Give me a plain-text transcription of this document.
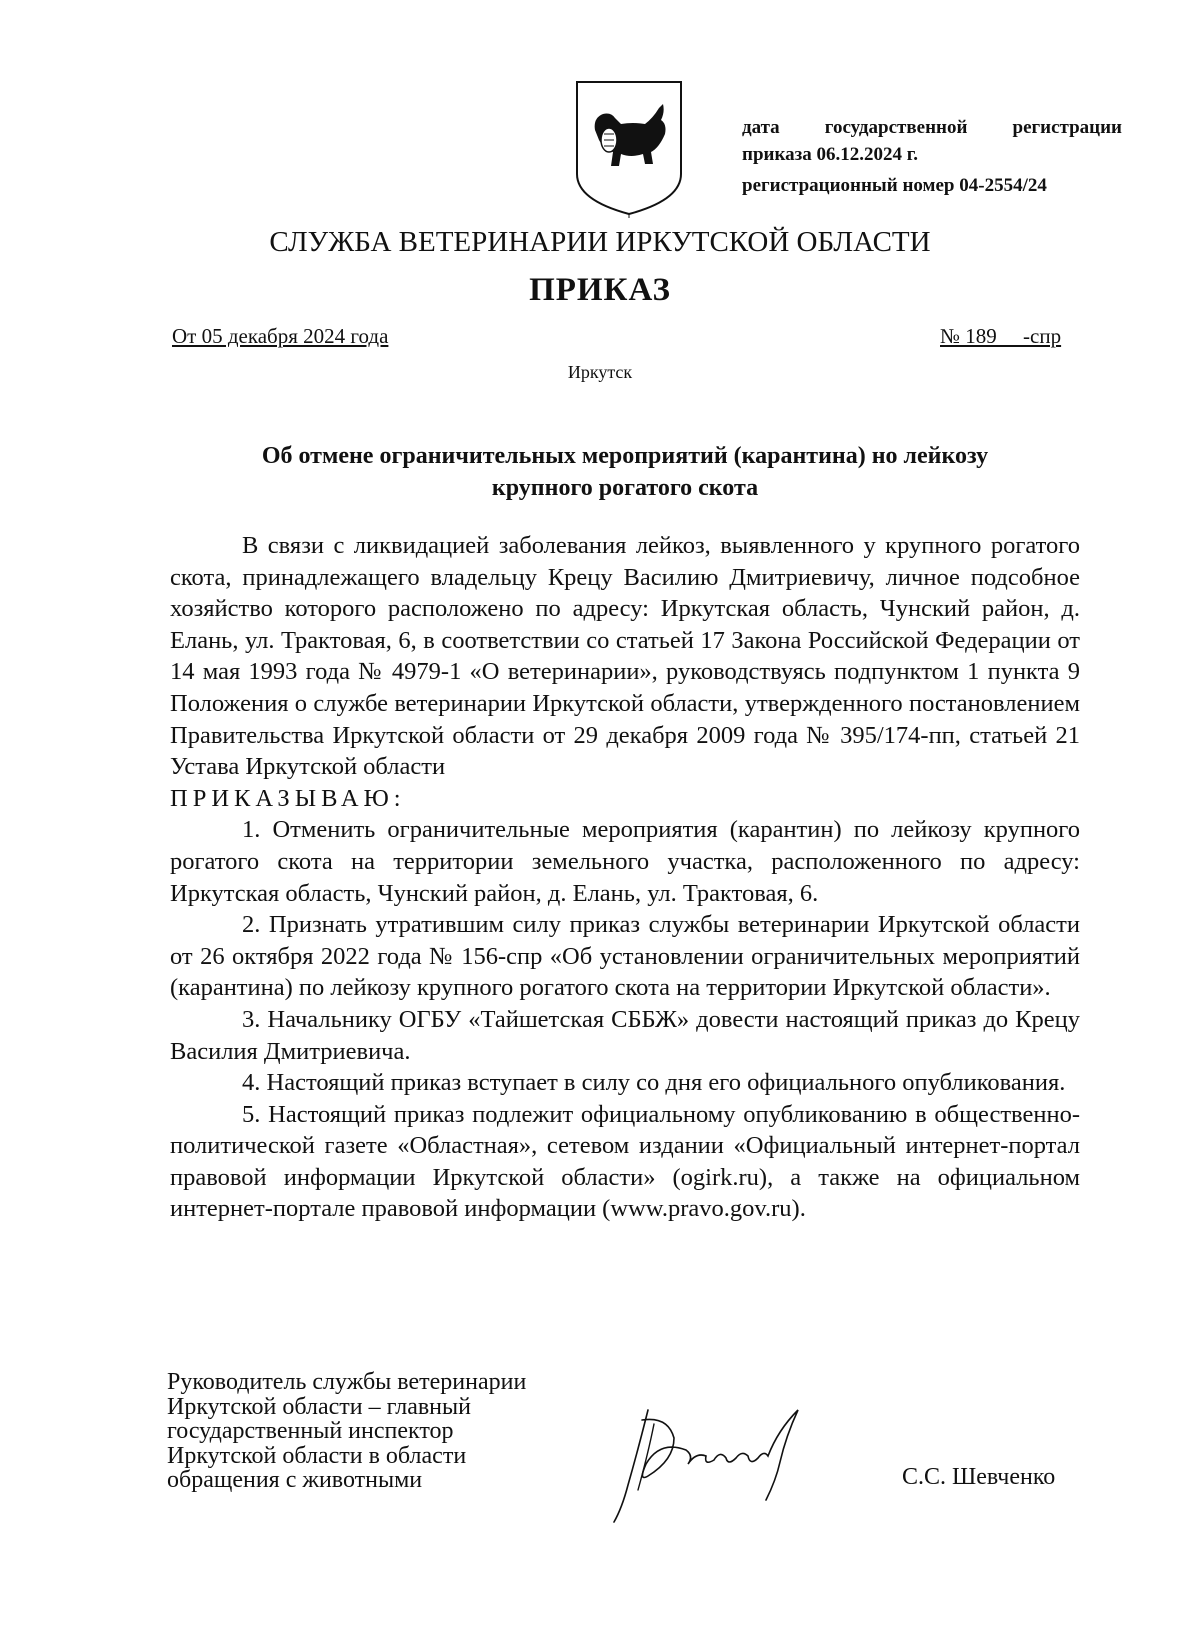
дата государственной регистрации
приказа 06.12.2024 г.
регистрационный номер 04-2554/24
СЛУЖБА ВЕТЕРИНАРИИ ИРКУТСКОЙ ОБЛАСТИ
ПРИКАЗ
От 05 декабря 2024 года	№ 189     -спр
Иркутск
Об отмене ограничительных мероприятий (карантина) но лейкозу
крупного рогатого скота

В связи с ликвидацией заболевания лейкоз, выявленного у крупного рогатого скота, принадлежащего владельцу Крецу Василию Дмитриевичу, личное подсобное хозяйство которого расположено по адресу: Иркутская область, Чунский район, д. Елань, ул. Трактовая, 6, в соответствии со статьей 17 Закона Российской Федерации от 14 мая 1993 года № 4979-1 «О ветеринарии», руководствуясь подпунктом 1 пункта 9 Положения о службе ветеринарии Иркутской области, утвержденного постановлением Правительства Иркутской области от 29 декабря 2009 года № 395/174-пп, статьей 21 Устава Иркутской области

ПРИКАЗЫВАЮ:

1. Отменить ограничительные мероприятия (карантин) по лейкозу крупного рогатого скота на территории земельного участка, расположенного по адресу: Иркутская область, Чунский район, д. Елань, ул. Трактовая, 6.

2. Признать утратившим силу приказ службы ветеринарии Иркутской области от 26 октября 2022 года № 156-спр «Об установлении ограничительных мероприятий (карантина) по лейкозу крупного рогатого скота на территории Иркутской области».

3. Начальнику ОГБУ «Тайшетская СББЖ» довести настоящий приказ до Крецу Василия Дмитриевича.

4. Настоящий приказ вступает в силу со дня его официального опубликования.

5. Настоящий приказ подлежит официальному опубликованию в общественно-политической газете «Областная», сетевом издании «Официальный интернет-портал правовой информации Иркутской области» (ogirk.ru), а также на официальном интернет-портале правовой информации (www.pravo.gov.ru).

Руководитель службы ветеринарии
Иркутской области – главный
государственный инспектор
Иркутской области в области
обращения с животными	С.С. Шевченко
